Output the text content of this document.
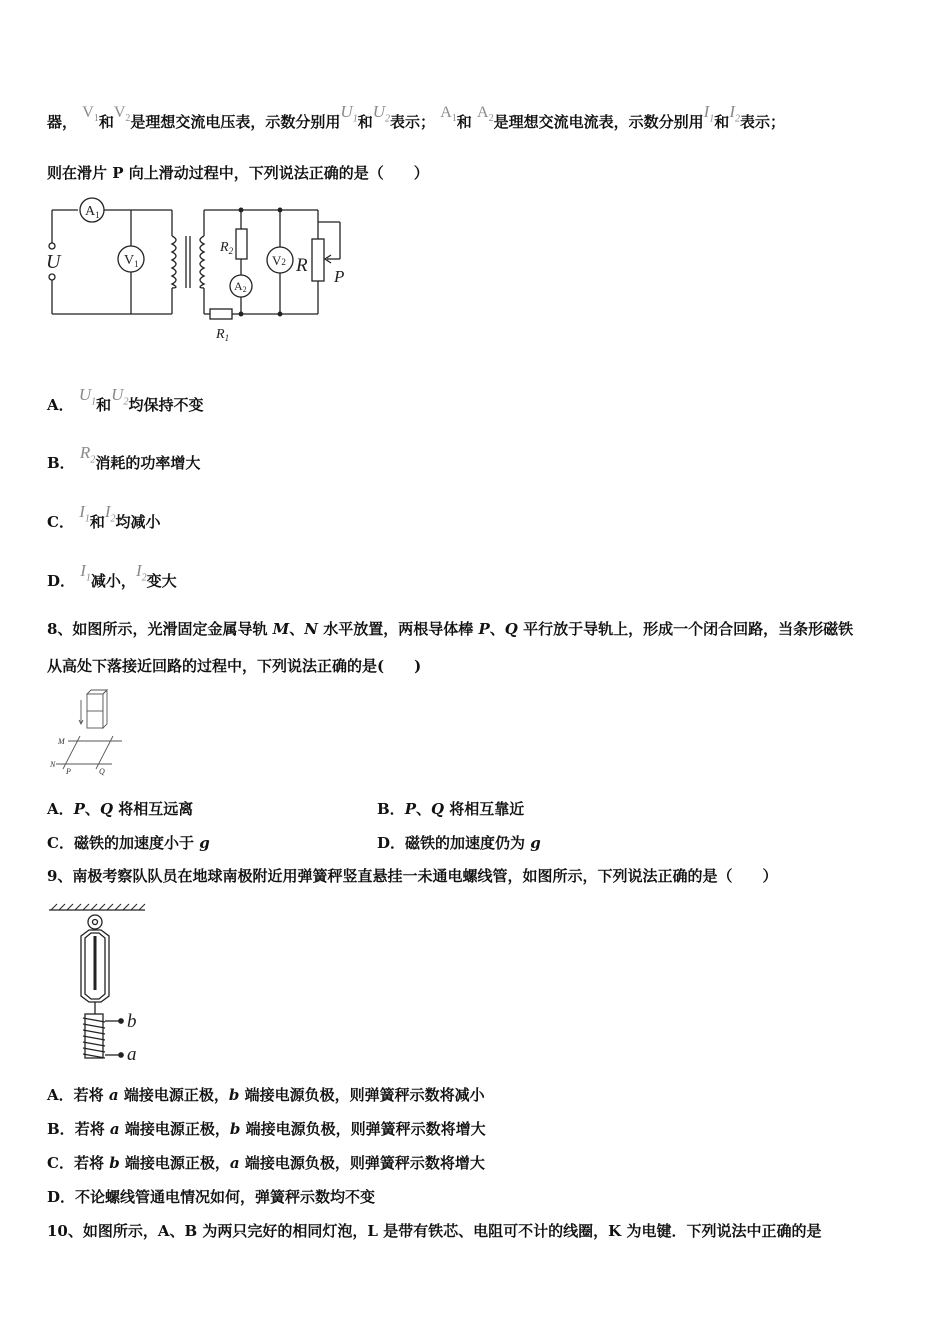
器， $V_1$和$V_2$是理想交流电压表，示数分别用$U_1$和$U_2$表示； $A_1$和 $A_2$是理想交流电流表，示数分别用$I_1$和$I_2$表示；
则在滑片 P 向上滑动过程中，下列说法正确的是（　　）
$A_1$
$V_1$
U
$R_2$
V2
A2
R
P
$R_1$
A． $U_1$和$U_2$均保持不变
B． $R_2$消耗的功率增大
C． $I_1$和$I_2$均减小
D． $I_1$减小，$I_2$变大
8、如图所示，光滑固定金属导轨 M、N 水平放置，两根导体棒 P、Q 平行放于导轨上，形成一个闭合回路，当条形磁铁
从高处下落接近回路的过程中，下列说法正确的是(　　)
M
N
P	Q
A．P、Q 将相互远离	B．P、Q 将相互靠近
C．磁铁的加速度小于 g	D．磁铁的加速度仍为 g
9、南极考察队队员在地球南极附近用弹簧秤竖直悬挂一未通电螺线管，如图所示，下列说法正确的是（　　）
b
a
A．若将 a 端接电源正极，b 端接电源负极，则弹簧秤示数将减小
B．若将 a 端接电源正极，b 端接电源负极，则弹簧秤示数将增大
C．若将 b 端接电源正极，a 端接电源负极，则弹簧秤示数将增大
D．不论螺线管通电情况如何，弹簧秤示数均不变
10、如图所示，A、B 为两只完好的相同灯泡，L 是带有铁芯、电阻可不计的线圈，K 为电键．下列说法中正确的是
